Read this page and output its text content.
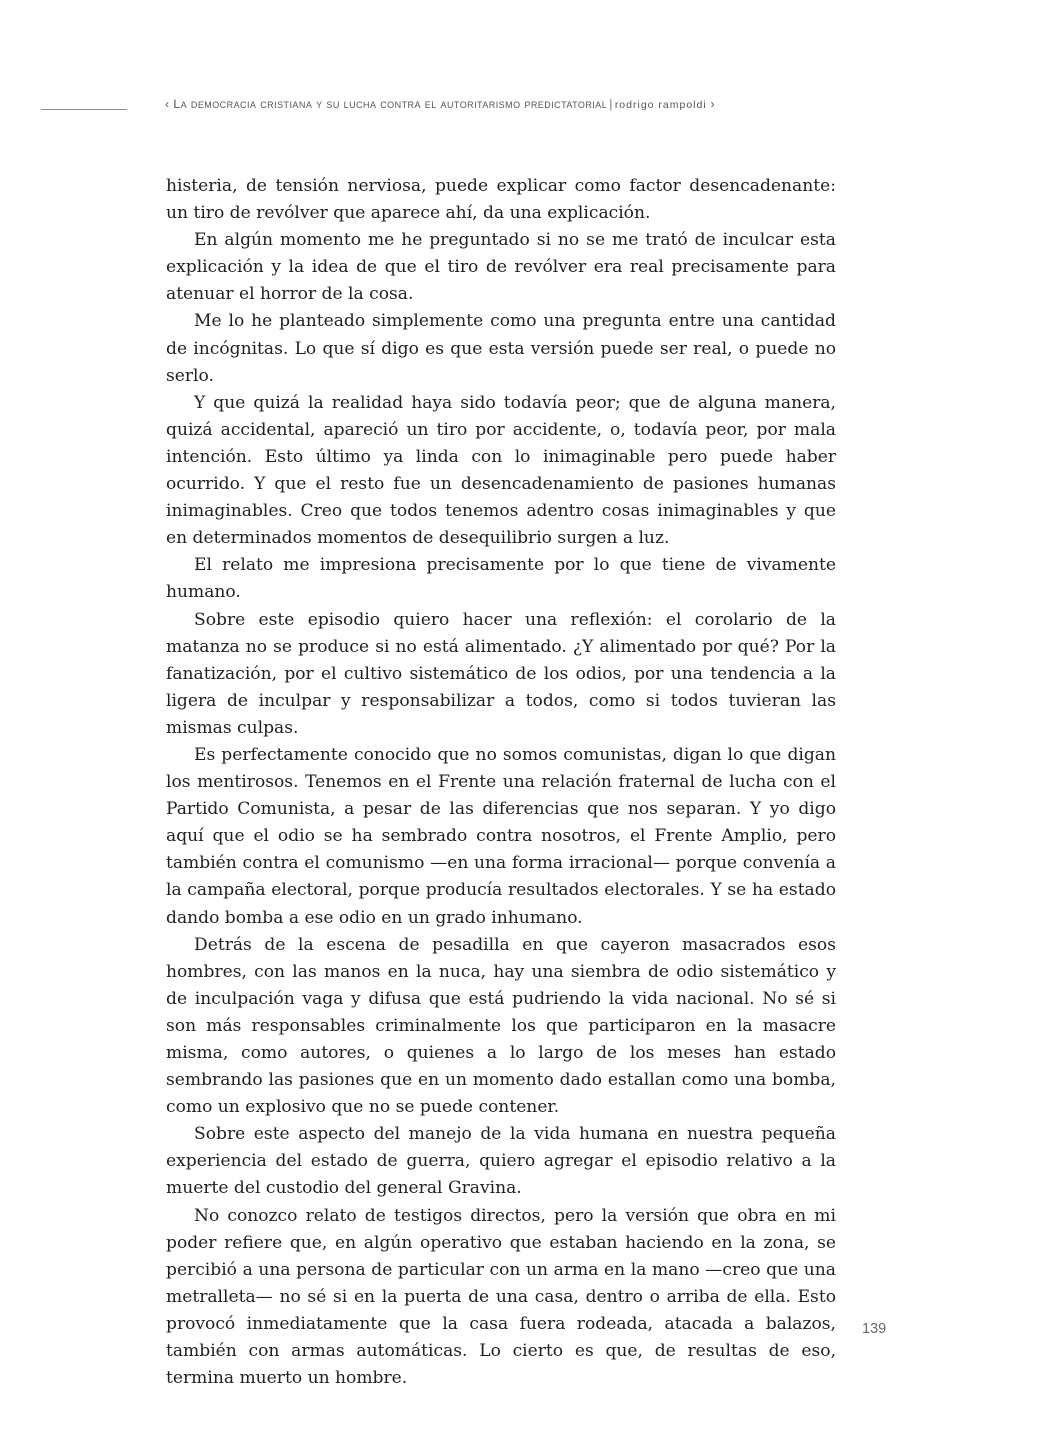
‹ La democracia cristiana y su lucha contra el autoritarismo predictatorial | rodrigo rampoldi ›

histeria, de tensión nerviosa, puede explicar como factor desencadenante: un tiro de revólver que aparece ahí, da una explicación.

En algún momento me he preguntado si no se me trató de inculcar esta explicación y la idea de que el tiro de revólver era real precisamente para atenuar el horror de la cosa.

Me lo he planteado simplemente como una pregunta entre una cantidad de incógnitas. Lo que sí digo es que esta versión puede ser real, o puede no serlo.

Y que quizá la realidad haya sido todavía peor; que de alguna manera, quizá accidental, apareció un tiro por accidente, o, todavía peor, por mala intención. Esto último ya linda con lo inimaginable pero puede haber ocurrido. Y que el resto fue un desencadenamiento de pasiones humanas inimaginables. Creo que todos tenemos adentro cosas inimaginables y que en determinados momentos de desequilibrio surgen a luz.

El relato me impresiona precisamente por lo que tiene de vivamente humano.

Sobre este episodio quiero hacer una reflexión: el corolario de la matanza no se produce si no está alimentado. ¿Y alimentado por qué? Por la fanatización, por el cultivo sistemático de los odios, por una tendencia a la ligera de inculpar y responsabilizar a todos, como si todos tuvieran las mismas culpas.

Es perfectamente conocido que no somos comunistas, digan lo que digan los mentirosos. Tenemos en el Frente una relación fraternal de lucha con el Partido Comunista, a pesar de las diferencias que nos separan. Y yo digo aquí que el odio se ha sembrado contra nosotros, el Frente Amplio, pero también contra el comunismo —en una forma irracional— porque convenía a la campaña electoral, porque producía resultados electorales. Y se ha estado dando bomba a ese odio en un grado inhumano.

Detrás de la escena de pesadilla en que cayeron masacrados esos hombres, con las manos en la nuca, hay una siembra de odio sistemático y de inculpación vaga y difusa que está pudriendo la vida nacional. No sé si son más responsables criminalmente los que participaron en la masacre misma, como autores, o quienes a lo largo de los meses han estado sembrando las pasiones que en un momento dado estallan como una bomba, como un explosivo que no se puede contener.

Sobre este aspecto del manejo de la vida humana en nuestra pequeña experiencia del estado de guerra, quiero agregar el episodio relativo a la muerte del custodio del general Gravina.

No conozco relato de testigos directos, pero la versión que obra en mi poder refiere que, en algún operativo que estaban haciendo en la zona, se percibió a una persona de particular con un arma en la mano —creo que una metralleta— no sé si en la puerta de una casa, dentro o arriba de ella. Esto provocó inmediatamente que la casa fuera rodeada, atacada a balazos, también con armas automáticas. Lo cierto es que, de resultas de eso, termina muerto un hombre.

139
